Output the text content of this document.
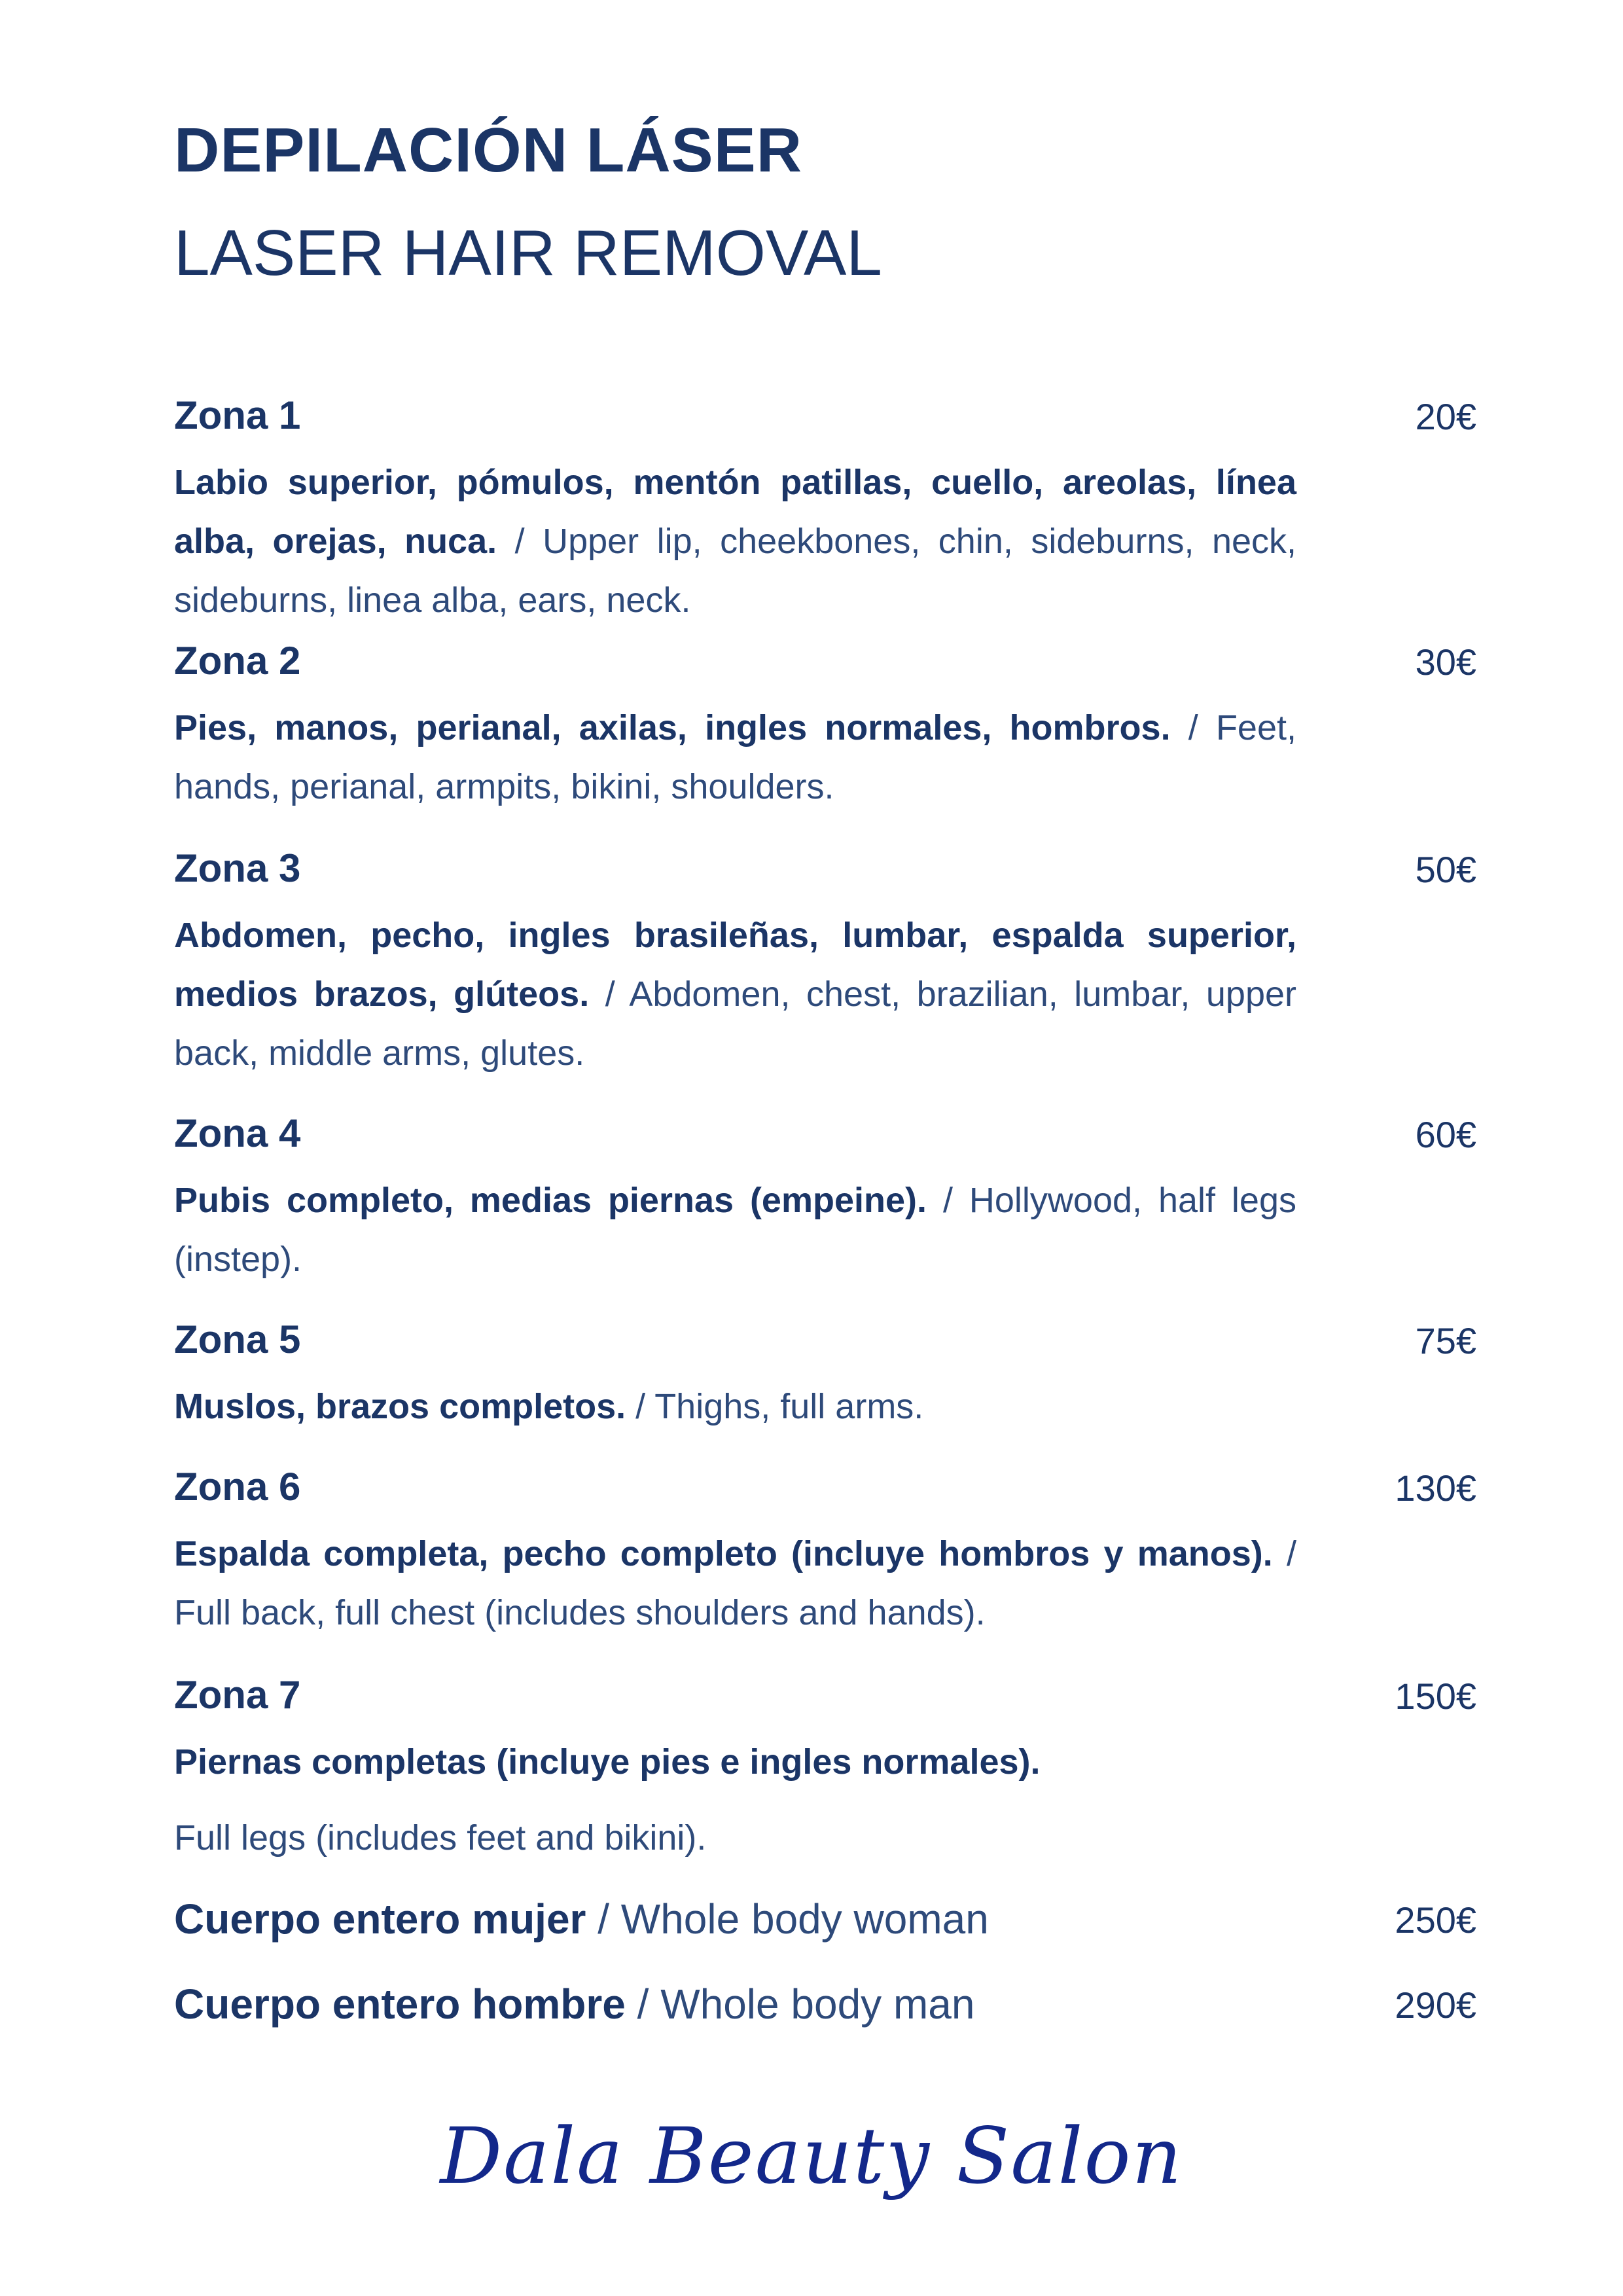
DEPILACIÓN LÁSER
LASER HAIR REMOVAL
Zona 1	20€
Labio superior, pómulos, mentón patillas, cuello, areolas, línea alba, orejas, nuca. / Upper lip, cheekbones, chin, sideburns, neck, sideburns, linea alba, ears, neck.
Zona 2	30€
Pies, manos, perianal, axilas, ingles normales, hombros. / Feet, hands, perianal, armpits, bikini, shoulders.
Zona 3	50€
Abdomen, pecho, ingles brasileñas, lumbar, espalda superior, medios brazos, glúteos. / Abdomen, chest, brazilian, lumbar, upper back, middle arms, glutes.
Zona 4	60€
Pubis completo, medias piernas (empeine). / Hollywood, half legs (instep).
Zona 5	75€
Muslos, brazos completos. / Thighs, full arms.
Zona 6	130€
Espalda completa, pecho completo (incluye hombros y manos). / Full back, full chest (includes shoulders and hands).
Zona 7	150€
Piernas completas (incluye pies e ingles normales).
Full legs (includes feet and bikini).
Cuerpo entero mujer / Whole body woman	250€
Cuerpo entero hombre / Whole body man	290€
Dala Beauty Salon
